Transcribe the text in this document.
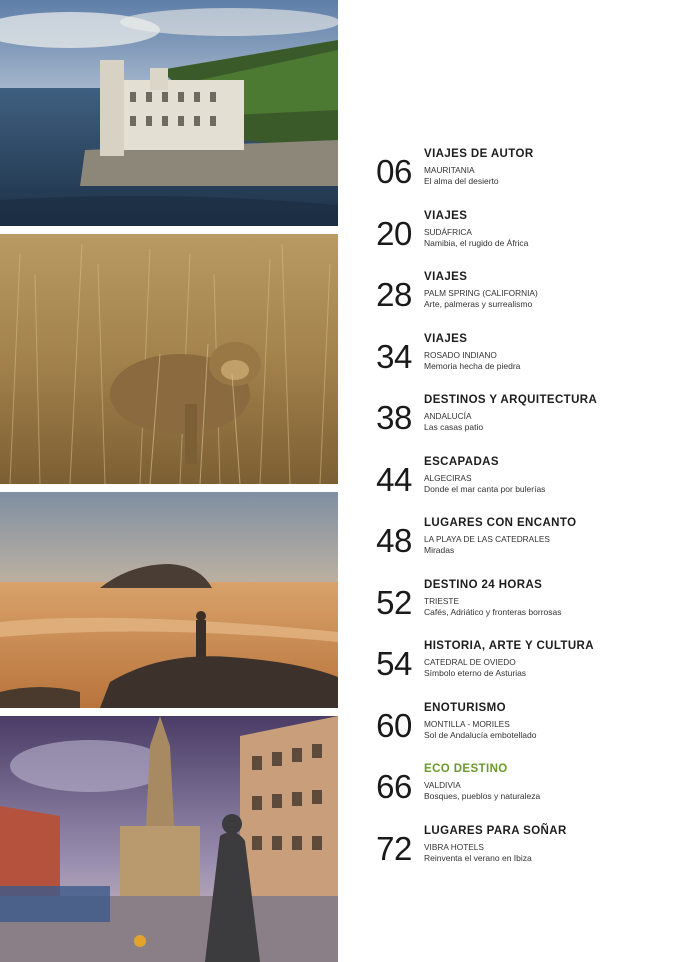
06	VIAJES DE AUTOR
MAURITANIA
El alma del desierto
20	VIAJES
SUDÁFRICA
Namibia, el rugido de África
28	VIAJES
PALM SPRING (CALIFORNIA)
Arte, palmeras y surrealismo
34	VIAJES
ROSADO INDIANO
Memoria hecha de piedra
38	DESTINOS Y ARQUITECTURA
ANDALUCÍA
Las casas patio
44	ESCAPADAS
ALGECIRAS
Donde el mar canta por bulerías
48	LUGARES CON ENCANTO
LA PLAYA DE LAS CATEDRALES
Miradas
52	DESTINO 24 HORAS
TRIESTE
Cafés, Adriático y fronteras borrosas
54	HISTORIA, ARTE Y CULTURA
CATEDRAL DE OVIEDO
Símbolo eterno de Asturias
60	ENOTURISMO
MONTILLA - MORILES
Sol de Andalucía embotellado
66	ECO DESTINO
VALDIVIA
Bosques, pueblos y naturaleza
72	LUGARES PARA SOÑAR
VIBRA HOTELS
Reinventa el verano en Ibiza
